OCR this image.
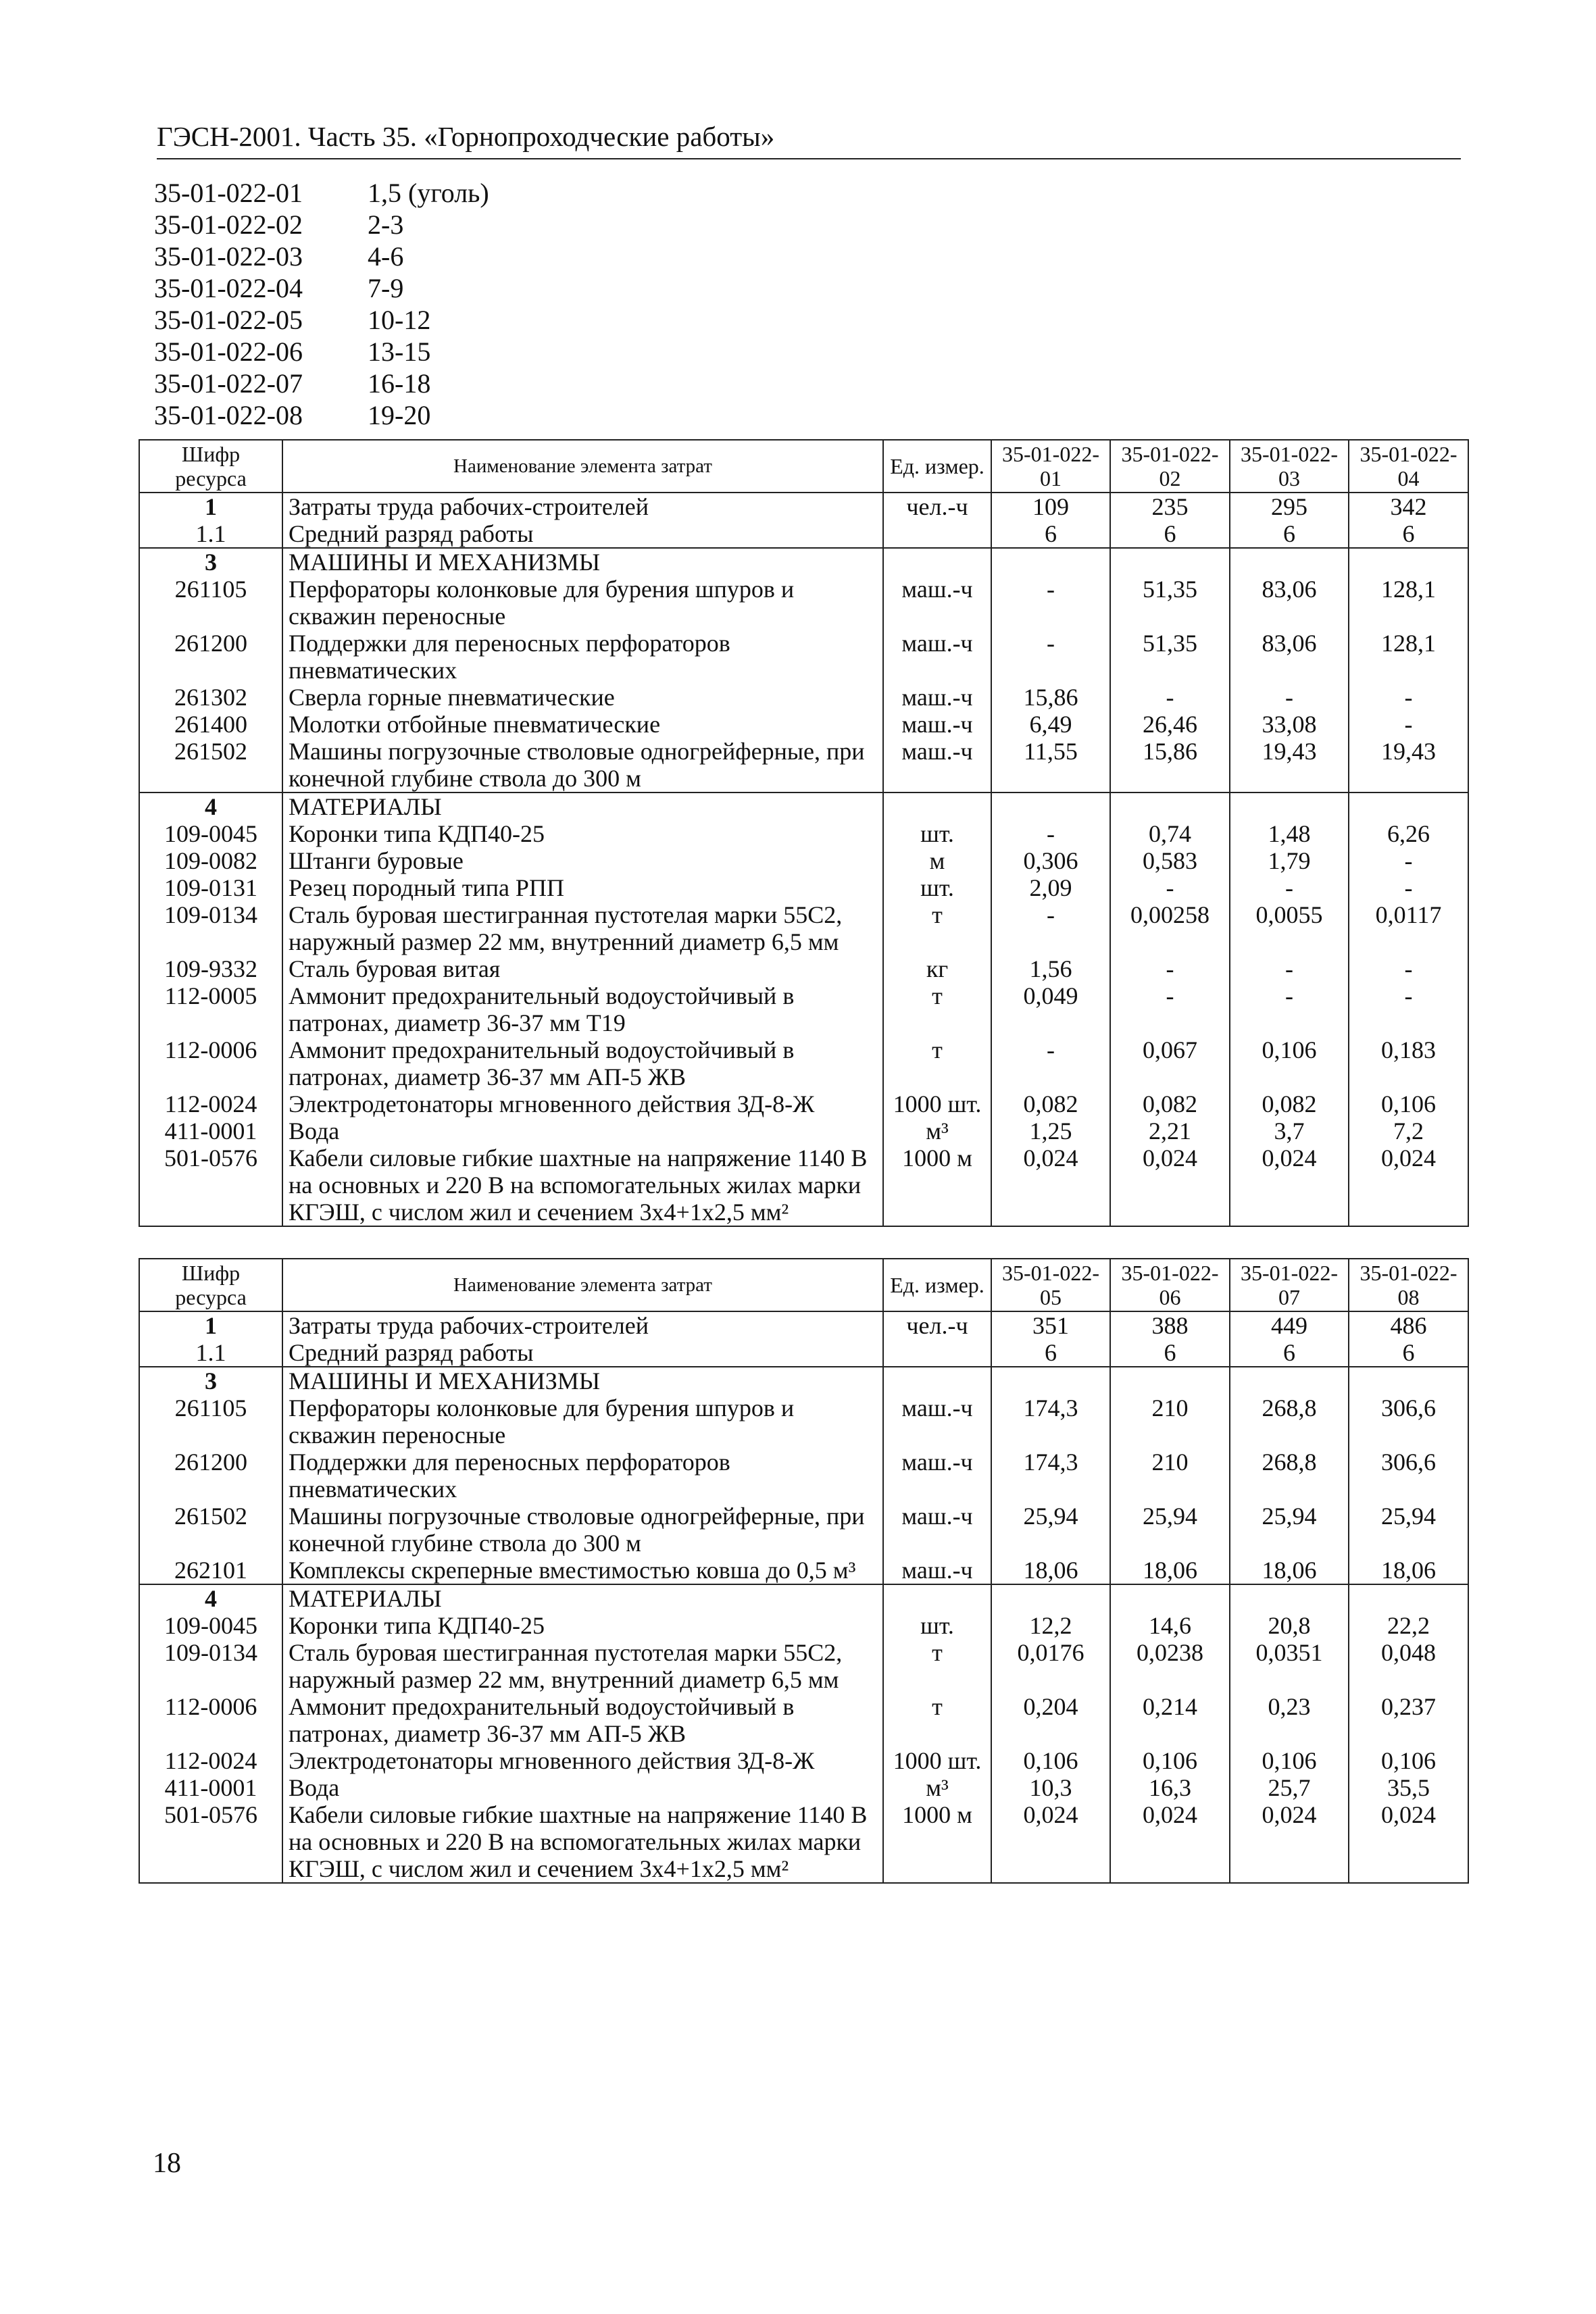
ГЭСН-2001. Часть 35. «Горнопроходческие работы»
35-01-022-01	1,5 (уголь)
35-01-022-02	2-3
35-01-022-03	4-6
35-01-022-04	7-9
35-01-022-05	10-12
35-01-022-06	13-15
35-01-022-07	16-18
35-01-022-08	19-20
Шифр ресурса	Наименование элемента затрат	Ед. измер.	35-01-022-01	35-01-022-02	35-01-022-03	35-01-022-04
1	Затраты труда рабочих-строителей	чел.-ч	109	235	295	342
1.1	Средний разряд работы		6	6	6	6
3	МАШИНЫ И МЕХАНИЗМЫ					
261105	Перфораторы колонковые для бурения шпуров и скважин переносные	маш.-ч	-	51,35	83,06	128,1
261200	Поддержки для переносных перфораторов пневматических	маш.-ч	-	51,35	83,06	128,1
261302	Сверла горные пневматические	маш.-ч	15,86	-	-	-
261400	Молотки отбойные пневматические	маш.-ч	6,49	26,46	33,08	-
261502	Машины погрузочные стволовые одногрейферные, при конечной глубине ствола до 300 м	маш.-ч	11,55	15,86	19,43	19,43
4	МАТЕРИАЛЫ					
109-0045	Коронки типа КДП40-25	шт.	-	0,74	1,48	6,26
109-0082	Штанги буровые	м	0,306	0,583	1,79	-
109-0131	Резец породный типа РПП	шт.	2,09	-	-	-
109-0134	Сталь буровая шестигранная пустотелая марки 55С2, наружный размер 22 мм, внутренний диаметр 6,5 мм	т	-	0,00258	0,0055	0,0117
109-9332	Сталь буровая витая	кг	1,56	-	-	-
112-0005	Аммонит предохранительный водоустойчивый в патронах, диаметр 36-37 мм Т19	т	0,049	-	-	-
112-0006	Аммонит предохранительный водоустойчивый в патронах, диаметр 36-37 мм АП-5 ЖВ	т	-	0,067	0,106	0,183
112-0024	Электродетонаторы мгновенного действия ЗД-8-Ж	1000 шт.	0,082	0,082	0,082	0,106
411-0001	Вода	м³	1,25	2,21	3,7	7,2
501-0576	Кабели силовые гибкие шахтные на напряжение 1140 В на основных и 220 В на вспомогательных жилах марки КГЭШ, с числом жил и сечением 3x4+1x2,5 мм²	1000 м	0,024	0,024	0,024	0,024
Шифр ресурса	Наименование элемента затрат	Ед. измер.	35-01-022-05	35-01-022-06	35-01-022-07	35-01-022-08
1	Затраты труда рабочих-строителей	чел.-ч	351	388	449	486
1.1	Средний разряд работы		6	6	6	6
3	МАШИНЫ И МЕХАНИЗМЫ					
261105	Перфораторы колонковые для бурения шпуров и скважин переносные	маш.-ч	174,3	210	268,8	306,6
261200	Поддержки для переносных перфораторов пневматических	маш.-ч	174,3	210	268,8	306,6
261502	Машины погрузочные стволовые одногрейферные, при конечной глубине ствола до 300 м	маш.-ч	25,94	25,94	25,94	25,94
262101	Комплексы скреперные вместимостью ковша до 0,5 м³	маш.-ч	18,06	18,06	18,06	18,06
4	МАТЕРИАЛЫ					
109-0045	Коронки типа КДП40-25	шт.	12,2	14,6	20,8	22,2
109-0134	Сталь буровая шестигранная пустотелая марки 55С2, наружный размер 22 мм, внутренний диаметр 6,5 мм	т	0,0176	0,0238	0,0351	0,048
112-0006	Аммонит предохранительный водоустойчивый в патронах, диаметр 36-37 мм АП-5 ЖВ	т	0,204	0,214	0,23	0,237
112-0024	Электродетонаторы мгновенного действия ЗД-8-Ж	1000 шт.	0,106	0,106	0,106	0,106
411-0001	Вода	м³	10,3	16,3	25,7	35,5
501-0576	Кабели силовые гибкие шахтные на напряжение 1140 В на основных и 220 В на вспомогательных жилах марки КГЭШ, с числом жил и сечением 3x4+1x2,5 мм²	1000 м	0,024	0,024	0,024	0,024
18
